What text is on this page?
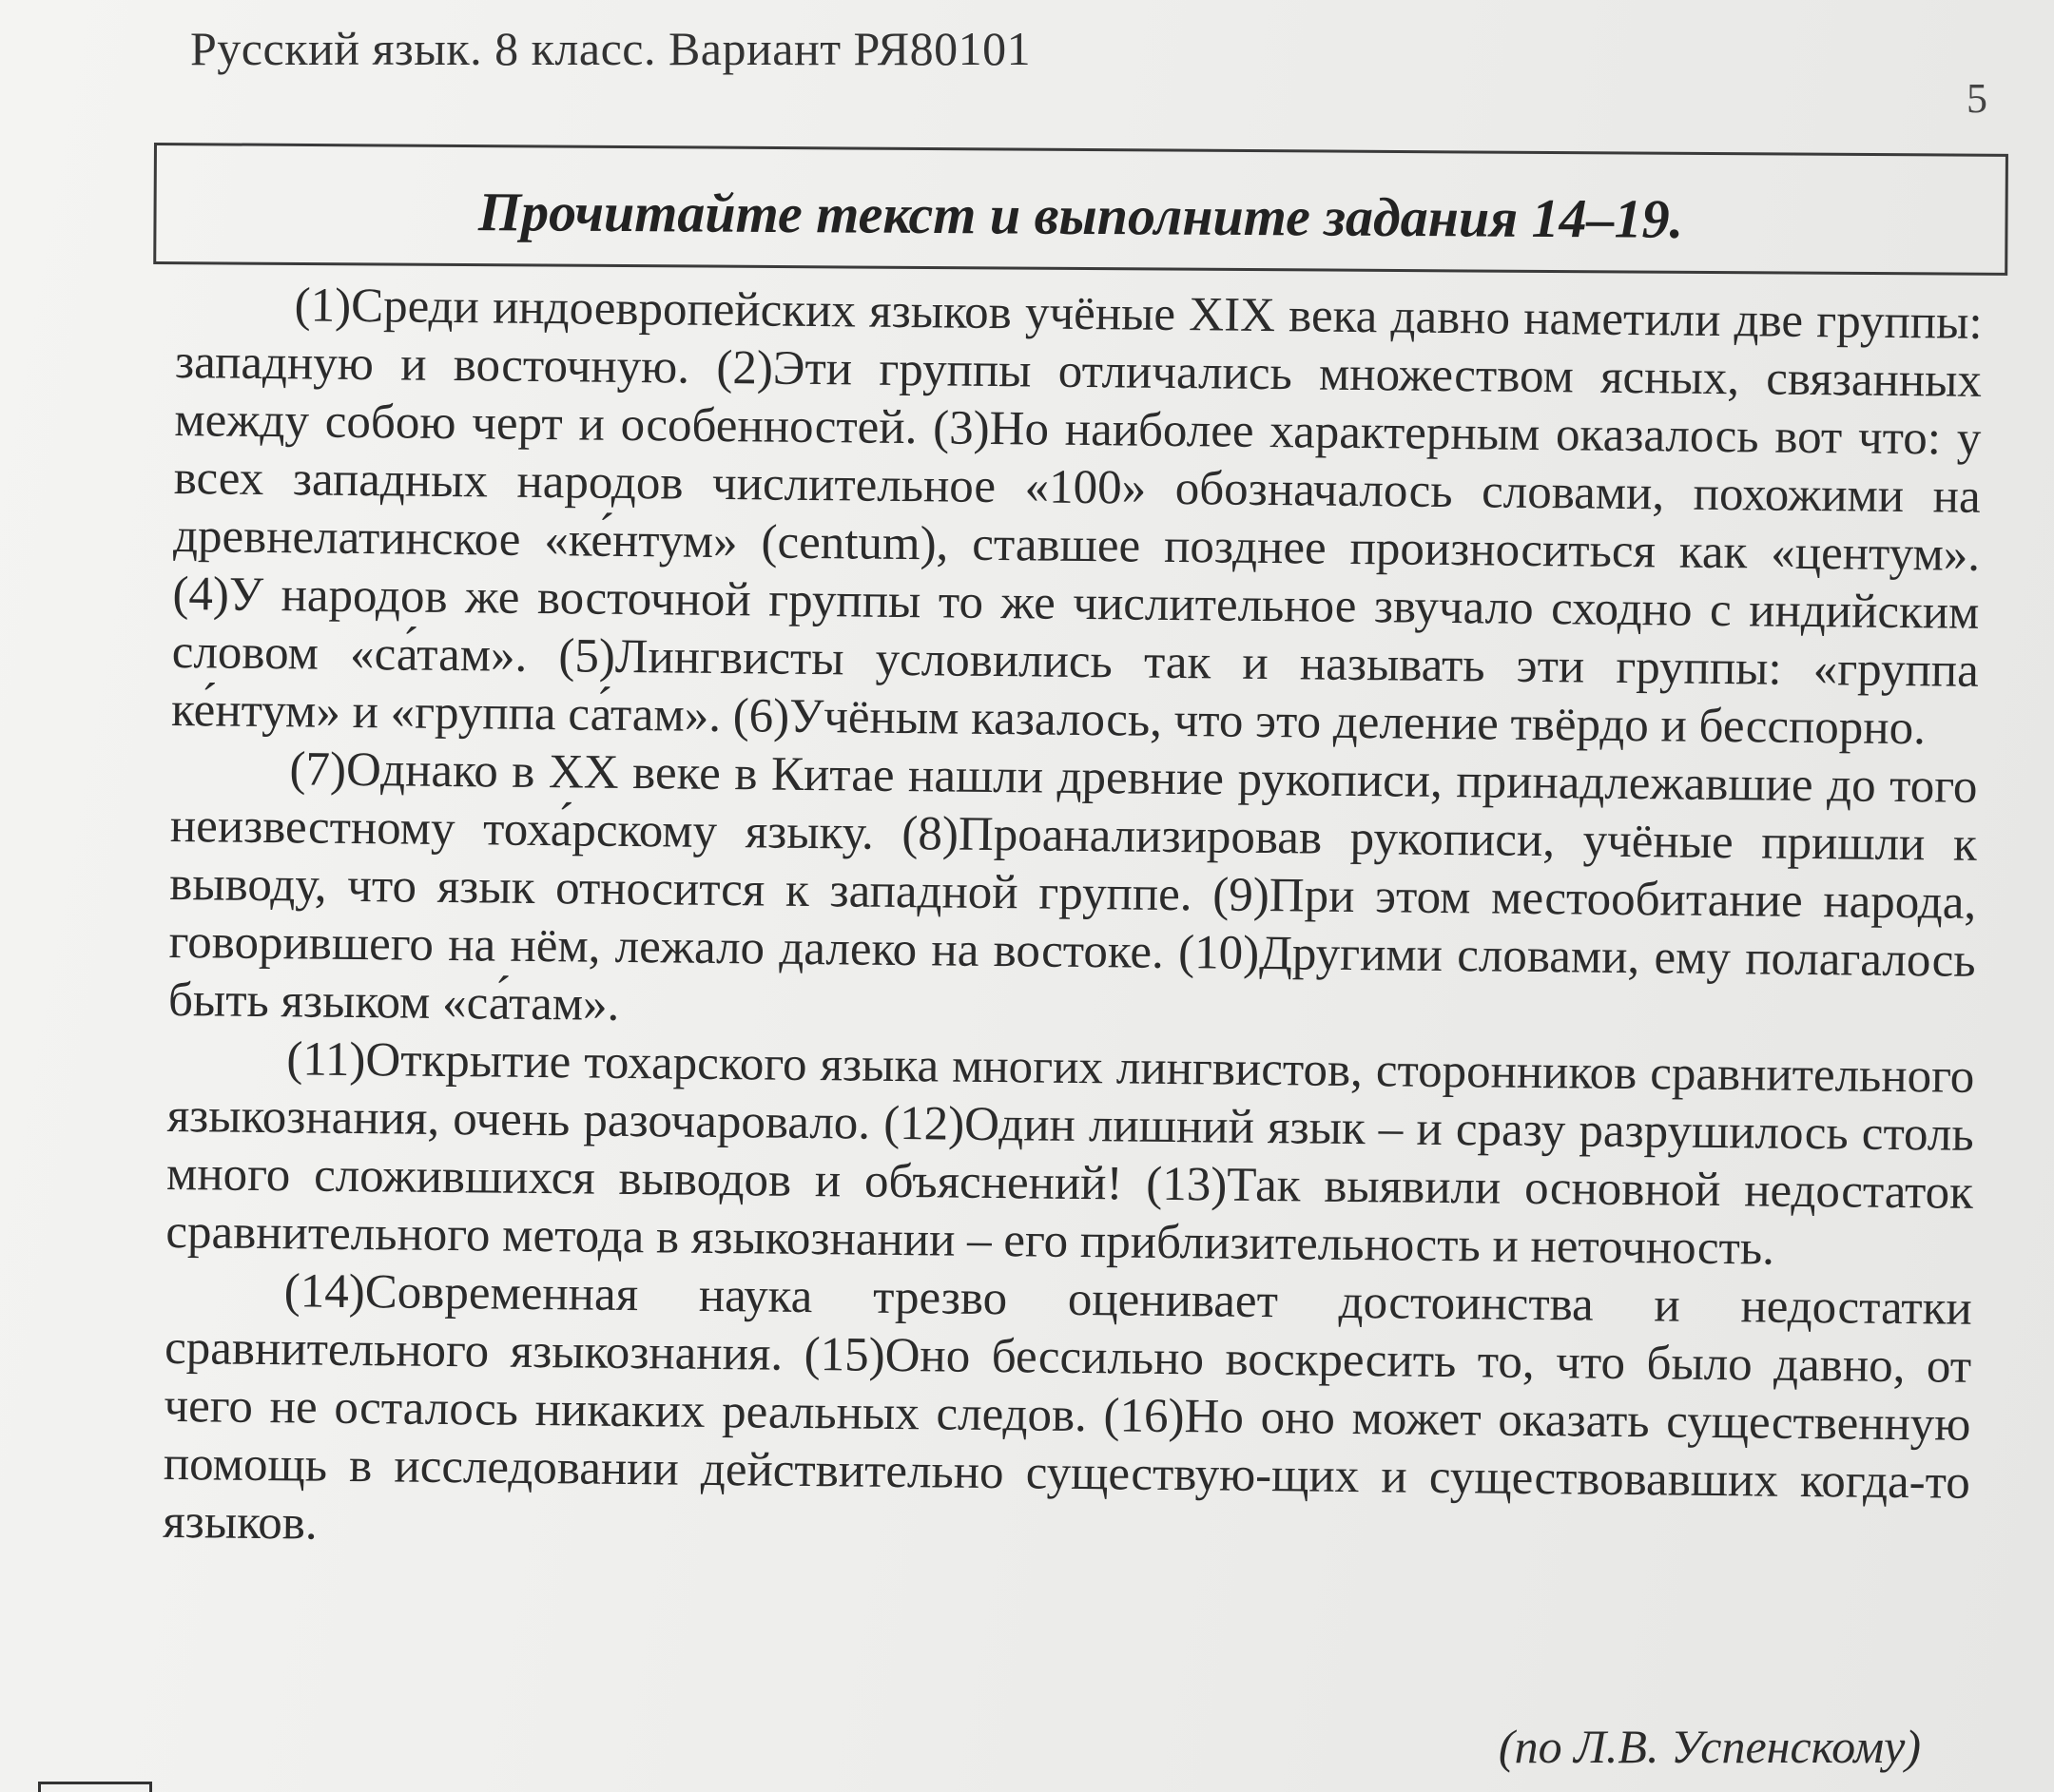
Русский язык. 8 класс. Вариант РЯ80101
5
Прочитайте текст и выполните задания 14–19.

(1)Среди индоевропейских языков учёные XIX века давно наметили две группы: западную и восточную. (2)Эти группы отличались множеством ясных, связанных между собою черт и особенностей. (3)Но наиболее характерным оказалось вот что: у всех западных народов числительное «100» обозначалось словами, похожими на древнелатинское «ке́нтум» (centum), ставшее позднее произноситься как «центум». (4)У народов же восточной группы то же числительное звучало сходно с индийским словом «са́там». (5)Лингвисты условились так и называть эти группы: «группа ке́нтум» и «группа са́там». (6)Учёным казалось, что это деление твёрдо и бесспорно.

(7)Однако в XX веке в Китае нашли древние рукописи, принадлежавшие до того неизвестному тоха́рскому языку. (8)Проанализировав рукописи, учёные пришли к выводу, что язык относится к западной группе. (9)При этом местообитание народа, говорившего на нём, лежало далеко на востоке. (10)Другими словами, ему полагалось быть языком «са́там».

(11)Открытие тохарского языка многих лингвистов, сторонников сравнительного языкознания, очень разочаровало. (12)Один лишний язык – и сразу разрушилось столь много сложившихся выводов и объяснений! (13)Так выявили основной недостаток сравнительного метода в языкознании – его приблизительность и неточность.

(14)Современная наука трезво оценивает достоинства и недостатки сравнительного языкознания. (15)Оно бессильно воскресить то, что было давно, от чего не осталось никаких реальных следов. (16)Но оно может оказать существенную помощь в исследовании действительно существую-щих и существовавших когда-то языков.

(по Л.В. Успенскому)
